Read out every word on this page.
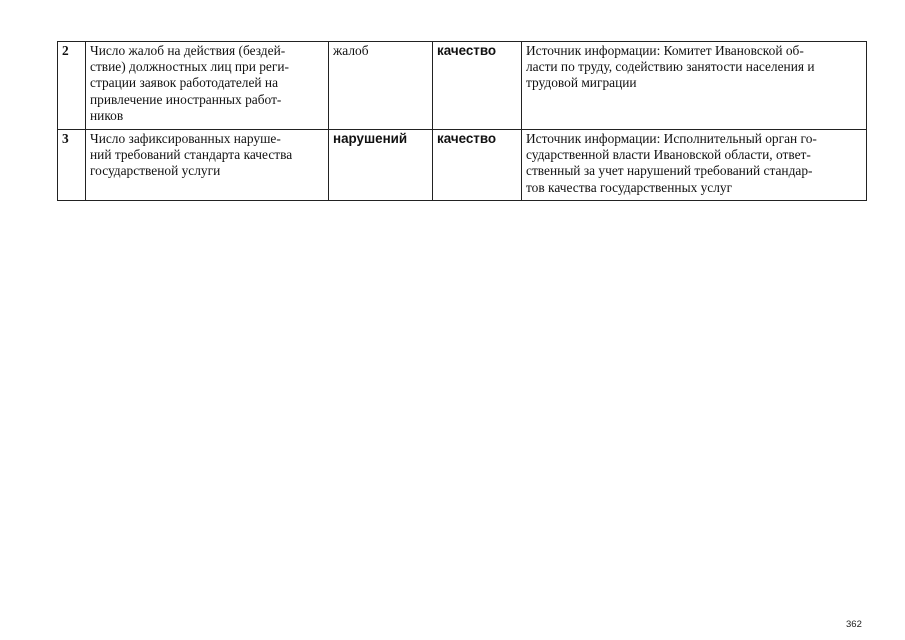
2	Число жалоб на действия (бездей-
ствие) должностных лиц при реги-
страции заявок работодателей на
привлечение иностранных работ-
ников	жалоб	качество	Источник информации: Комитет Ивановской об-
ласти по труду, содействию занятости населения и
трудовой миграции

3	Число зафиксированных наруше-
ний требований стандарта качества
государственой услуги	нарушений	качество	Источник информации: Исполнительный орган го-
сударственной власти Ивановской области, ответ-
ственный за учет нарушений требований стандар-
тов качества государственных услуг
362
